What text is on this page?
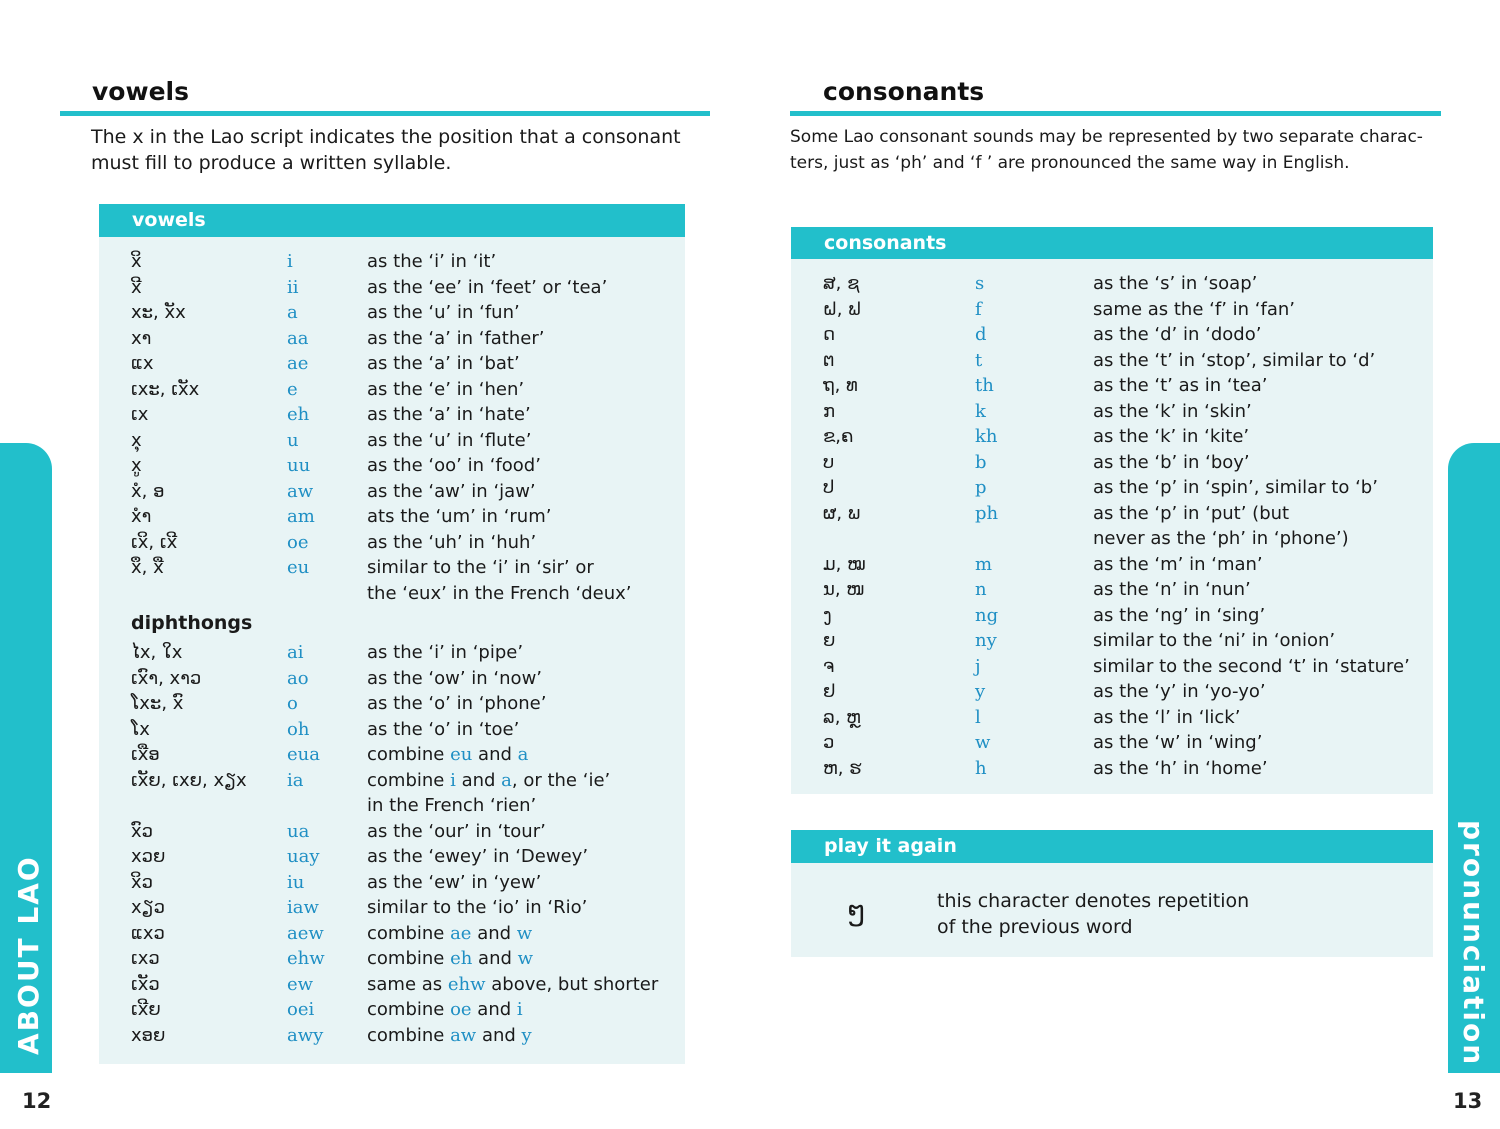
vowels
The x in the Lao script indicates the position that a consonant
must fill to produce a written syllable.
vowels
xິ	i	as the ‘i’ in ‘it’
xີ	ii	as the ‘ee’ in ‘feet’ or ‘tea’
xະ, xັx	a	as the ‘u’ in ‘fun’
xາ	aa	as the ‘a’ in ‘father’
ແx	ae	as the ‘a’ in ‘bat’
ເxະ, ເxັx	e	as the ‘e’ in ‘hen’
ເx	eh	as the ‘a’ in ‘hate’
xຸ	u	as the ‘u’ in ‘flute’
xູ	uu	as the ‘oo’ in ‘food’
xໍ, ອ	aw	as the ‘aw’ in ‘jaw’
xຳ	am	ats the ‘um’ in ‘rum’
ເxິ, ເxີ	oe	as the ‘uh’ in ‘huh’
xຶ, xື	eu	similar to the ‘i’ in ‘sir’ or
the ‘eux’ in the French ‘deux’
diphthongs
ໄx, ໃx	ai	as the ‘i’ in ‘pipe’
ເxົາ, xາວ	ao	as the ‘ow’ in ‘now’
ໂxະ, xົ	o	as the ‘o’ in ‘phone’
ໂx	oh	as the ‘o’ in ‘toe’
ເxືອ	eua	combine eu and a
ເxັຍ, ເxຍ, xຽx ia	combine i and a, or the ‘ie’
in the French ‘rien’
xົວ	ua	as the ‘our’ in ‘tour’
xວຍ	uay	as the ‘ewey’ in ‘Dewey’
xິວ	iu	as the ‘ew’ in ‘yew’
xຽວ	iaw	similar to the ‘io’ in ‘Rio’
ແxວ	aew combine ae and w
ເxວ	ehw combine eh and w
ເxັວ	ew	same as ehw above, but shorter
ເxີຍ	oei	combine oe and i
xອຍ	awy combine aw and y
ABOUT LAO
12
consonants
Some Lao consonant sounds may be represented by two separate charac-
ters, just as ‘ph’ and ‘f ’ are pronounced the same way in English.
consonants
ສ, ຊ	s	as the ‘s’ in ‘soap’
ຝ, ຟ	f	same as the ‘f’ in ‘fan’
ດ	d	as the ‘d’ in ‘dodo’
ຕ	t	as the ‘t’ in ‘stop’, similar to ‘d’
ຖ, ທ	th	as the ‘t’ as in ‘tea’
ກ	k	as the ‘k’ in ‘skin’
ຂ,ຄ	kh	as the ‘k’ in ‘kite’
ບ	b	as the ‘b’ in ‘boy’
ປ	p	as the ‘p’ in ‘spin’, similar to ‘b’
ຜ, ພ	ph	as the ‘p’ in ‘put’ (but
never as the ‘ph’ in ‘phone’)
ມ, ໝ	m	as the ‘m’ in ‘man’
ນ, ໜ	n	as the ‘n’ in ‘nun’
ງ	ng	as the ‘ng’ in ‘sing’
ຍ	ny	similar to the ‘ni’ in ‘onion’
ຈ	j	similar to the second ‘t’ in ‘stature’
ຢ	y	as the ‘y’ in ‘yo-yo’
ລ, ຫຼ	l	as the ‘l’ in ‘lick’
ວ	w	as the ‘w’ in ‘wing’
ຫ, ຮ	h	as the ‘h’ in ‘home’
play it again
ໆ	this character denotes repetition
of the previous word	pronunciation
13
